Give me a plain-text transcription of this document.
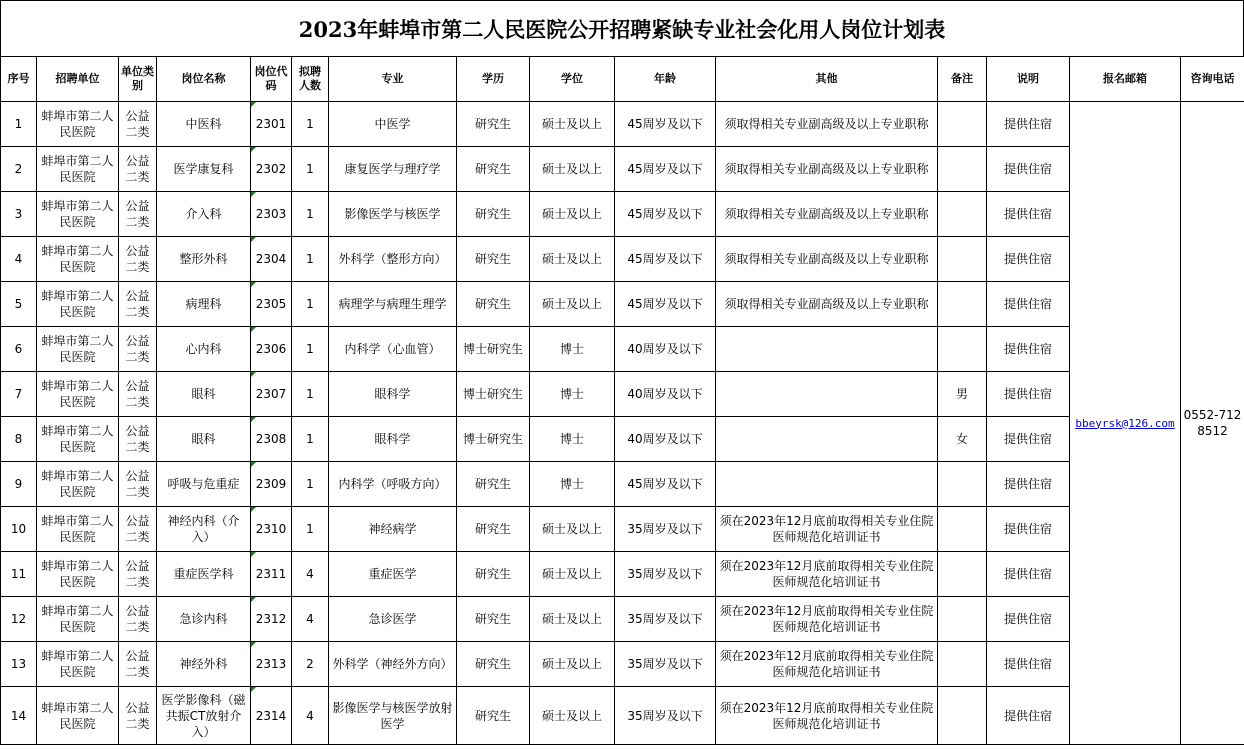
2023年蚌埠市第二人民医院公开招聘紧缺专业社会化用人岗位计划表
序号	招聘单位	单位类别	岗位名称	岗位代码	拟聘人数	专业	学历	学位	年龄	其他	备注	说明	报名邮箱	咨询电话
1	蚌埠市第二人民医院	公益二类	中医科	2301	1	中医学	研究生	硕士及以上	45周岁及以下	须取得相关专业副高级及以上专业职称		提供住宿	bbeyrsk@126.com	0552-7128512
2	蚌埠市第二人民医院	公益二类	医学康复科	2302	1	康复医学与理疗学	研究生	硕士及以上	45周岁及以下	须取得相关专业副高级及以上专业职称		提供住宿		
3	蚌埠市第二人民医院	公益二类	介入科	2303	1	影像医学与核医学	研究生	硕士及以上	45周岁及以下	须取得相关专业副高级及以上专业职称		提供住宿		
4	蚌埠市第二人民医院	公益二类	整形外科	2304	1	外科学（整形方向）	研究生	硕士及以上	45周岁及以下	须取得相关专业副高级及以上专业职称		提供住宿		
5	蚌埠市第二人民医院	公益二类	病理科	2305	1	病理学与病理生理学	研究生	硕士及以上	45周岁及以下	须取得相关专业副高级及以上专业职称		提供住宿		
6	蚌埠市第二人民医院	公益二类	心内科	2306	1	内科学（心血管）	博士研究生	博士	40周岁及以下			提供住宿		
7	蚌埠市第二人民医院	公益二类	眼科	2307	1	眼科学	博士研究生	博士	40周岁及以下		男	提供住宿		
8	蚌埠市第二人民医院	公益二类	眼科	2308	1	眼科学	博士研究生	博士	40周岁及以下		女	提供住宿		
9	蚌埠市第二人民医院	公益二类	呼吸与危重症	2309	1	内科学（呼吸方向）	研究生	博士	45周岁及以下			提供住宿		
10	蚌埠市第二人民医院	公益二类	神经内科（介入）	2310	1	神经病学	研究生	硕士及以上	35周岁及以下	须在2023年12月底前取得相关专业住院医师规范化培训证书		提供住宿		
11	蚌埠市第二人民医院	公益二类	重症医学科	2311	4	重症医学	研究生	硕士及以上	35周岁及以下	须在2023年12月底前取得相关专业住院医师规范化培训证书		提供住宿		
12	蚌埠市第二人民医院	公益二类	急诊内科	2312	4	急诊医学	研究生	硕士及以上	35周岁及以下	须在2023年12月底前取得相关专业住院医师规范化培训证书		提供住宿		
13	蚌埠市第二人民医院	公益二类	神经外科	2313	2	外科学（神经外方向）	研究生	硕士及以上	35周岁及以下	须在2023年12月底前取得相关专业住院医师规范化培训证书		提供住宿		
14	蚌埠市第二人民医院	公益二类	医学影像科（磁共振CT放射介入）	2314	4	影像医学与核医学放射医学	研究生	硕士及以上	35周岁及以下	须在2023年12月底前取得相关专业住院医师规范化培训证书		提供住宿		
